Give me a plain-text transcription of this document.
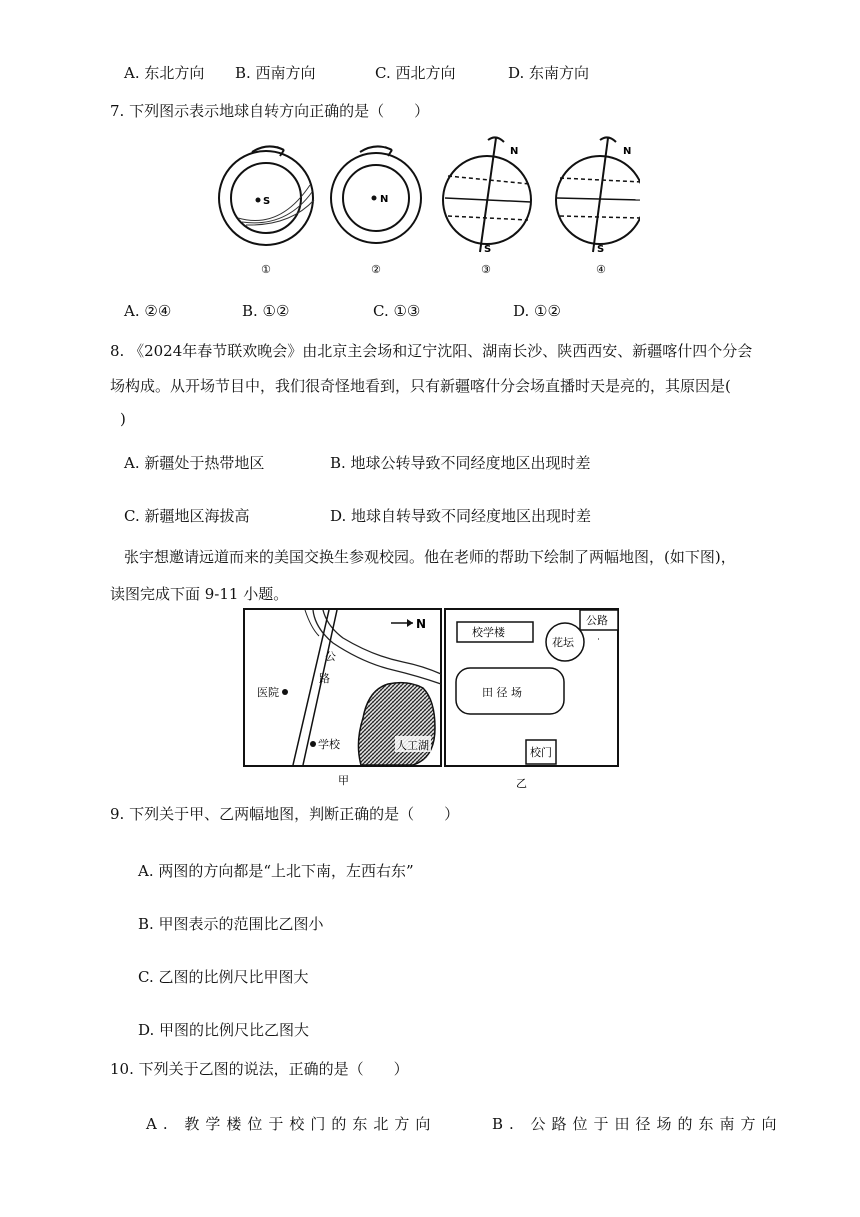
A. 东北方向 B. 西南方向	C. 西北方向	D. 东南方向
7. 下列图示表示地球自转方向正确的是（　　）
S	N
N
S
N
S
①	②	③	④
A. ②④	B. ①②	C. ①③	D. ①②
8. 《2024年春节联欢晚会》由北京主会场和辽宁沈阳、湖南长沙、陕西西安、新疆喀什四个分会
场构成。从开场节目中，我们很奇怪地看到，只有新疆喀什分会场直播时天是亮的，其原因是(
)
A. 新疆处于热带地区	B. 地球公转导致不同经度地区出现时差
C. 新疆地区海拔高	D. 地球自转导致不同经度地区出现时差
张宇想邀请远道而来的美国交换生参观校园。他在老师的帮助下绘制了两幅地图，(如下图)，
读图完成下面 9-11 小题。
N
公
路
医院
学校	人工湖
甲
校学楼
公路
花坛 ˙
田 径 场
校门
乙
9. 下列关于甲、乙两幅地图，判断正确的是（　　）
A. 两图的方向都是“上北下南，左西右东”
B. 甲图表示的范围比乙图小
C. 乙图的比例尺比甲图大
D. 甲图的比例尺比乙图大
10. 下列关于乙图的说法，正确的是（　　）
A. 教学楼位于校门的东北方向	B. 公路位于田径场的东南方向
